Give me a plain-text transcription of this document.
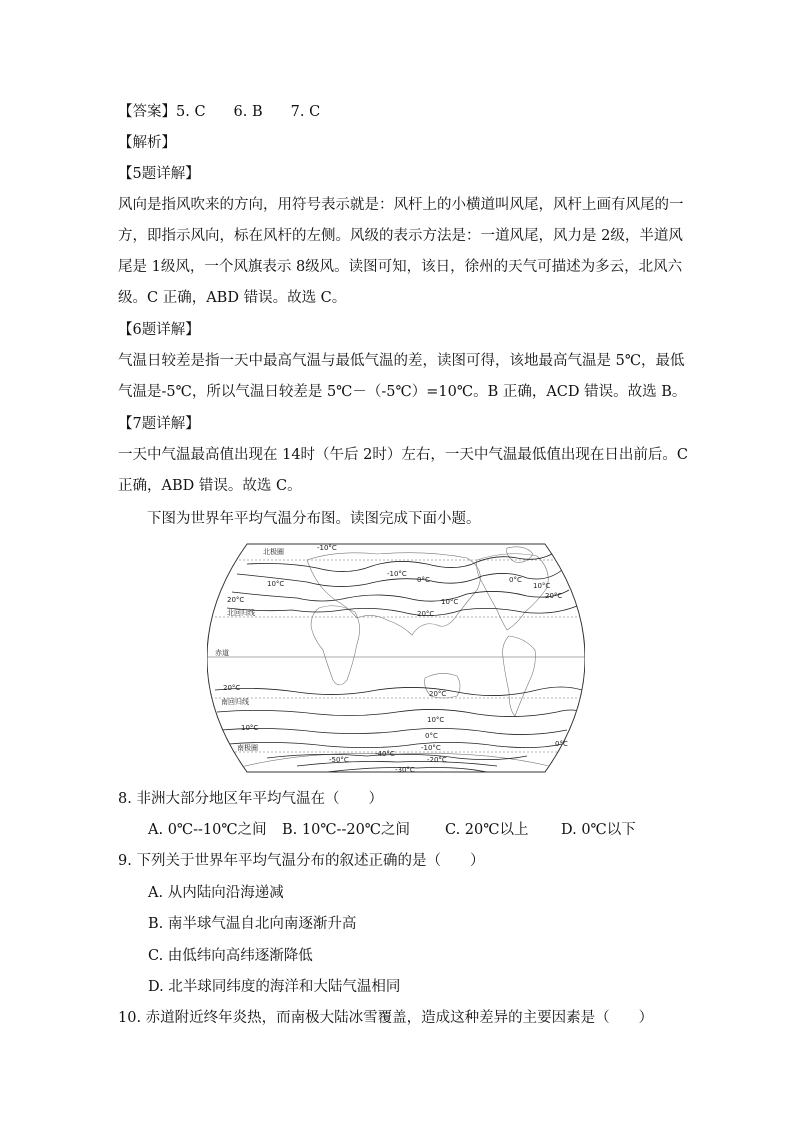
【答案】5. C 6. B 7. C
【解析】
【5题详解】
风向是指风吹来的方向，用符号表示就是：风杆上的小横道叫风尾，风杆上画有风尾的一
方，即指示风向，标在风杆的左侧。风级的表示方法是：一道风尾，风力是 2级，半道风
尾是 1级风，一个风旗表示 8级风。读图可知，该日，徐州的天气可描述为多云，北风六
级。C 正确，ABD 错误。故选 C。
【6题详解】
气温日较差是指一天中最高气温与最低气温的差，读图可得，该地最高气温是 5℃，最低
气温是-5℃，所以气温日较差是 5℃－（-5℃）=10℃。B 正确，ACD 错误。故选 B。
【7题详解】
一天中气温最高值出现在 14时（午后 2时）左右，一天中气温最低值出现在日出前后。C
正确，ABD 错误。故选 C。
下图为世界年平均气温分布图。读图完成下面小题。
北极圈
北回归线
赤道
南回归线
南极圈
-10°C
-10°C
0°C
10°C
10°C
20°C
20°C
0°C
10°C
20°C
20°C
20°C
10°C
10°C
0°C
-10°C
-20°C
-30°C
-40°C
-50°C
0°C
8. 非洲大部分地区年平均气温在（　　）
A. 0℃--10℃之间 B. 10℃--20℃之间 C. 20℃以上 D. 0℃以下
9. 下列关于世界年平均气温分布的叙述正确的是（　　）
A. 从内陆向沿海递减
B. 南半球气温自北向南逐渐升高
C. 由低纬向高纬逐渐降低
D. 北半球同纬度的海洋和大陆气温相同
10. 赤道附近终年炎热，而南极大陆冰雪覆盖，造成这种差异的主要因素是（　　）
